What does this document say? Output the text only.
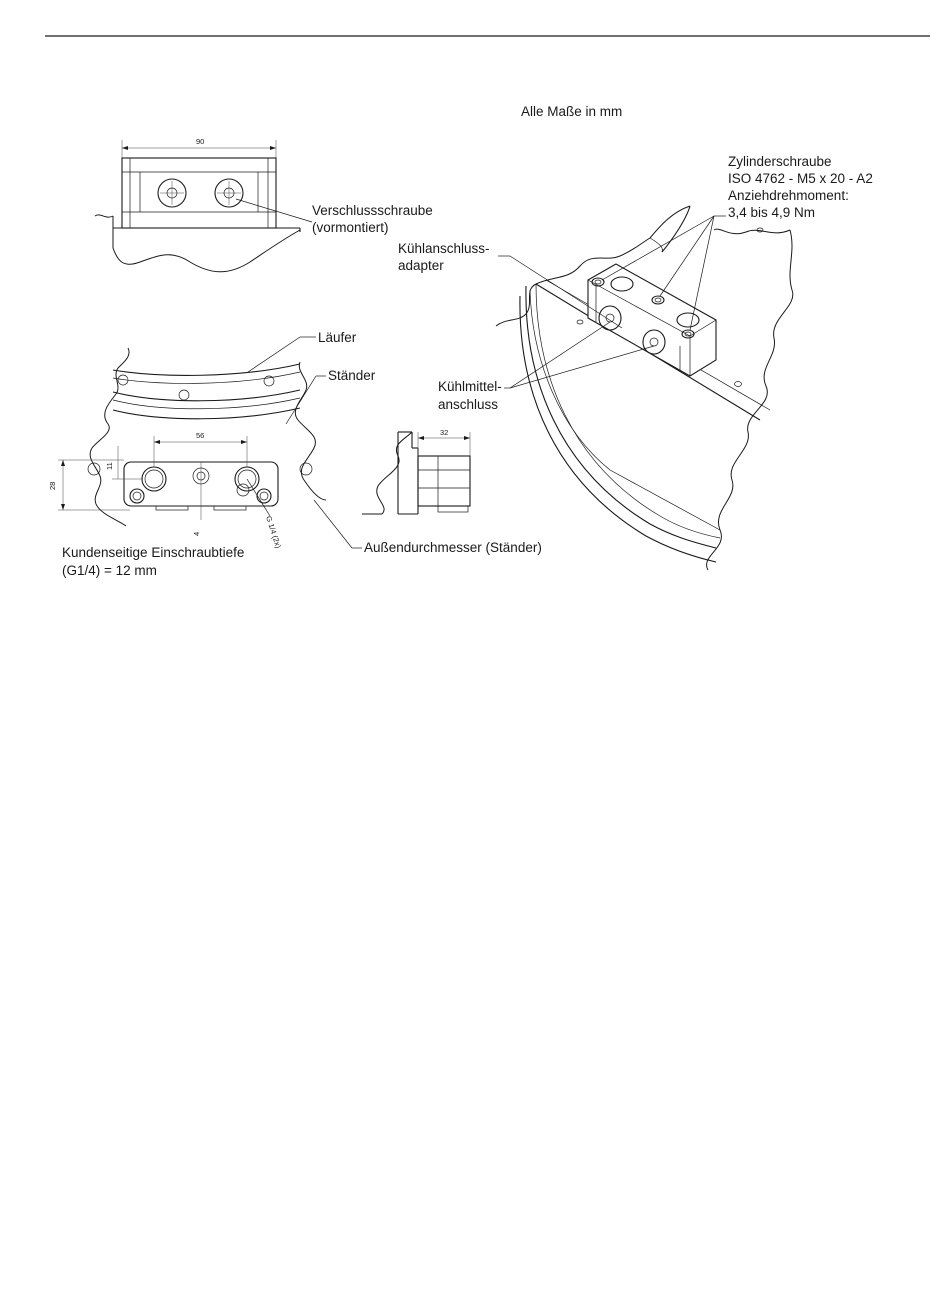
Alle Maße in mm
90
Verschlussschraube
(vormontiert)
56
28
11
4	G 1/4 (2x)
Läufer
Ständer
Außendurchmesser (Ständer)
Kundenseitige Einschraubtiefe
(G1/4) = 12 mm
32
Zylinderschraube
ISO 4762 - M5 x 20 - A2
Anziehdrehmoment:
3,4 bis 4,9 Nm
Kühlanschluss-
adapter
Kühlmittel-
anschluss
